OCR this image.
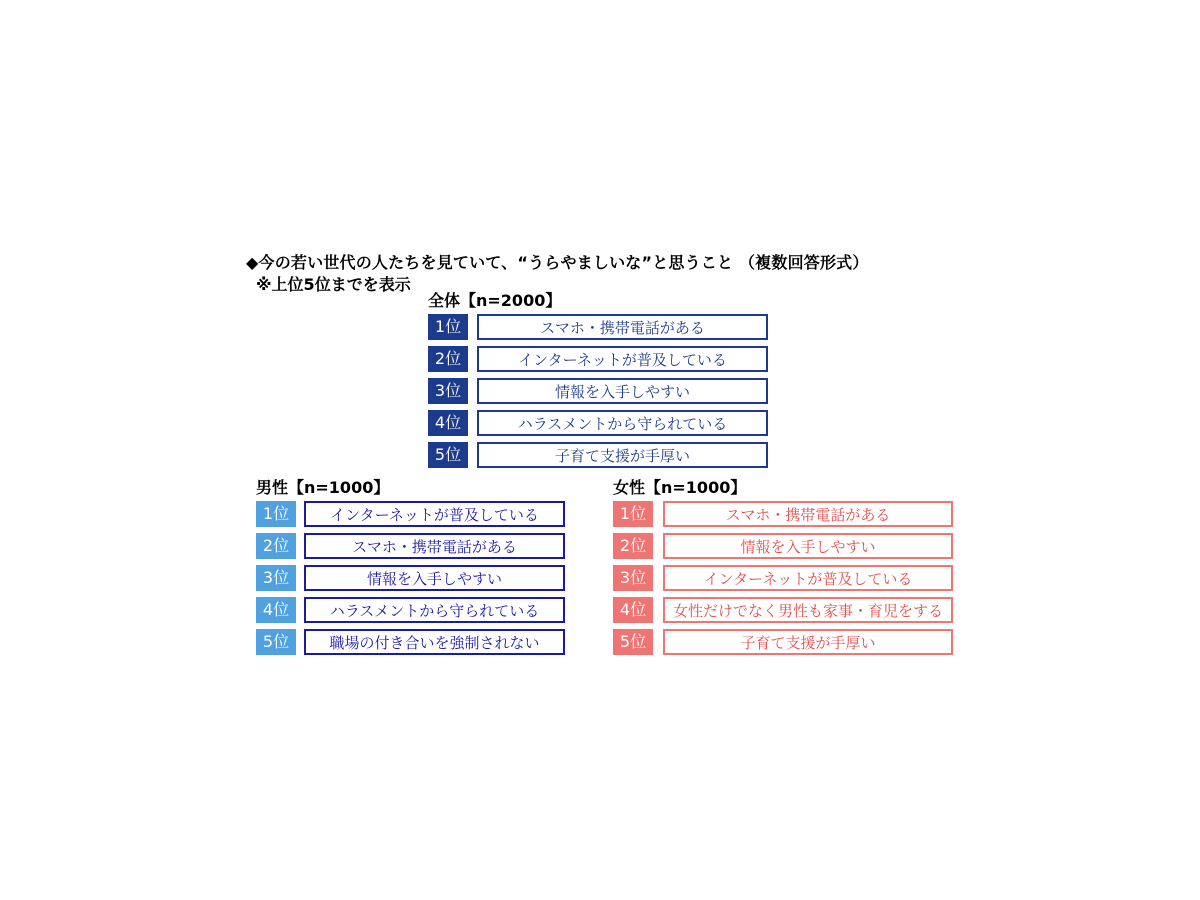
◆今の若い世代の人たちを見ていて、“うらやましいな”と思うこと （複数回答形式）
※上位5位までを表示
全体【n=2000】
1位	スマホ・携帯電話がある
2位	インターネットが普及している
3位	情報を入手しやすい
4位	ハラスメントから守られている
5位	子育て支援が手厚い
男性【n=1000】
1位	インターネットが普及している
2位	スマホ・携帯電話がある
3位	情報を入手しやすい
4位	ハラスメントから守られている
5位	職場の付き合いを強制されない
女性【n=1000】
1位	スマホ・携帯電話がある
2位	情報を入手しやすい
3位	インターネットが普及している
4位	女性だけでなく男性も家事・育児をする
5位	子育て支援が手厚い
